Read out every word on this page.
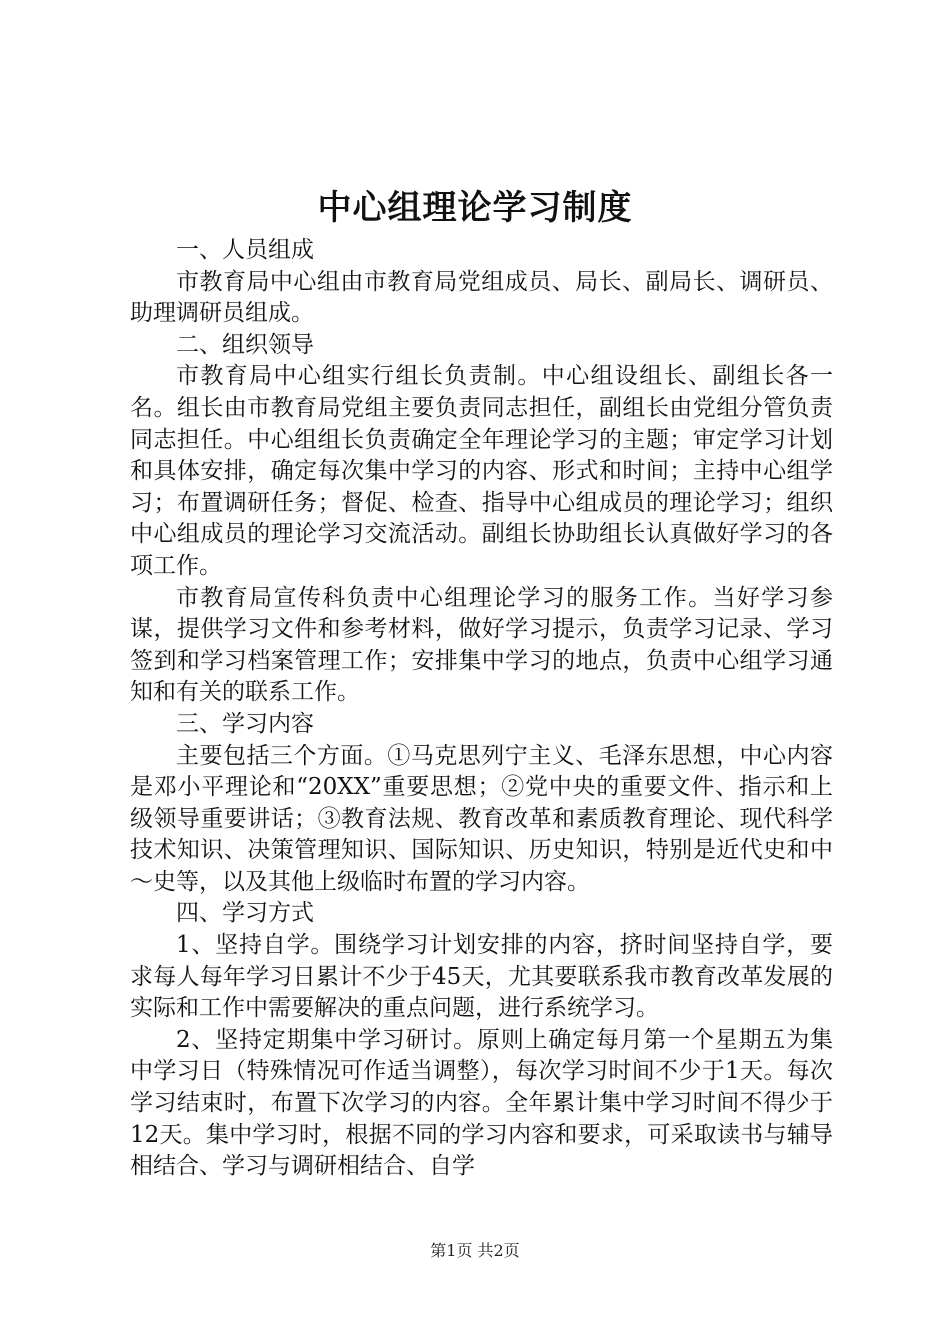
中心组理论学习制度

一、人员组成

市教育局中心组由市教育局党组成员、局长、副局长、调研员、助理调研员组成。

二、组织领导

市教育局中心组实行组长负责制。中心组设组长、副组长各一名。组长由市教育局党组主要负责同志担任，副组长由党组分管负责同志担任。中心组组长负责确定全年理论学习的主题；审定学习计划和具体安排，确定每次集中学习的内容、形式和时间；主持中心组学习；布置调研任务；督促、检查、指导中心组成员的理论学习；组织中心组成员的理论学习交流活动。副组长协助组长认真做好学习的各项工作。

市教育局宣传科负责中心组理论学习的服务工作。当好学习参谋，提供学习文件和参考材料，做好学习提示，负责学习记录、学习签到和学习档案管理工作；安排集中学习的地点，负责中心组学习通知和有关的联系工作。

三、学习内容

主要包括三个方面。①马克思列宁主义、毛泽东思想，中心内容是邓小平理论和“20XX”重要思想；②党中央的重要文件、指示和上级领导重要讲话；③教育法规、教育改革和素质教育理论、现代科学技术知识、决策管理知识、国际知识、历史知识，特别是近代史和中～史等，以及其他上级临时布置的学习内容。

四、学习方式

1、坚持自学。围绕学习计划安排的内容，挤时间坚持自学，要求每人每年学习日累计不少于45天，尤其要联系我市教育改革发展的实际和工作中需要解决的重点问题，进行系统学习。

2、坚持定期集中学习研讨。原则上确定每月第一个星期五为集中学习日（特殊情况可作适当调整），每次学习时间不少于1天。每次学习结束时，布置下次学习的内容。全年累计集中学习时间不得少于12天。集中学习时，根据不同的学习内容和要求，可采取读书与辅导相结合、学习与调研相结合、自学

第1页 共2页
